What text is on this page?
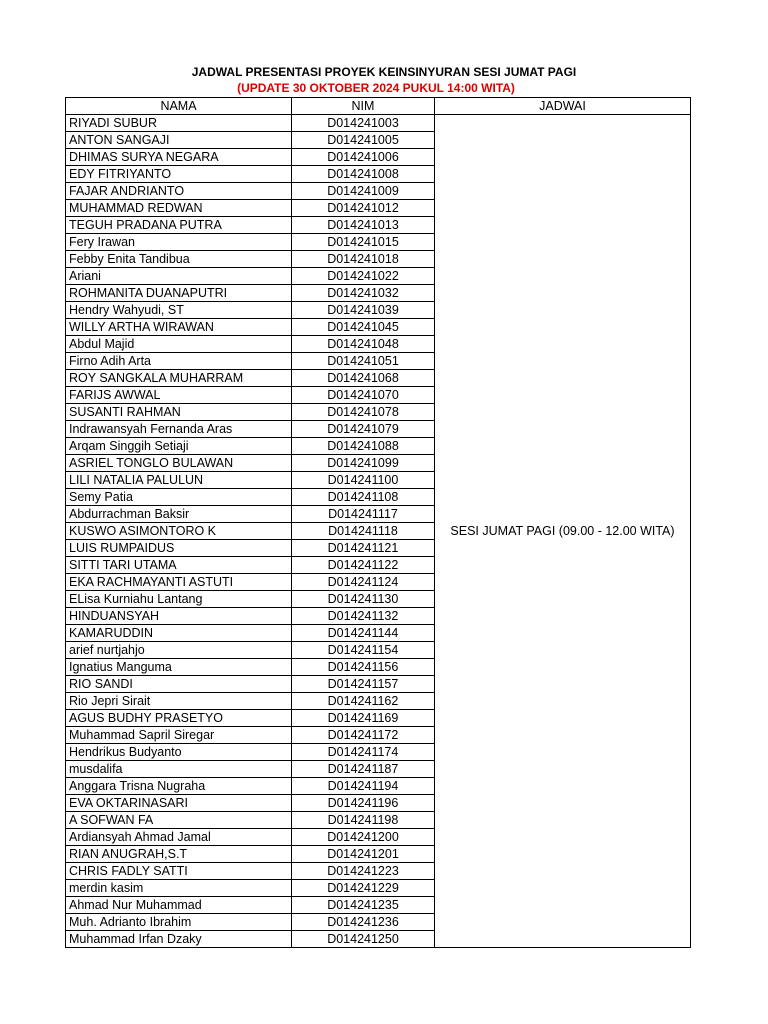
JADWAL PRESENTASI PROYEK KEINSINYURAN SESI JUMAT PAGI
(UPDATE 30 OKTOBER 2024 PUKUL 14:00 WITA)
NAMA	NIM	JADWAI
RIYADI SUBUR	D014241003	SESI JUMAT PAGI (09.00 - 12.00 WITA)
ANTON SANGAJI	D014241005	
DHIMAS SURYA NEGARA	D014241006	
EDY FITRIYANTO	D014241008	
FAJAR ANDRIANTO	D014241009	
MUHAMMAD REDWAN	D014241012	
TEGUH PRADANA PUTRA	D014241013	
Fery Irawan	D014241015	
Febby Enita Tandibua	D014241018	
Ariani	D014241022	
ROHMANITA DUANAPUTRI	D014241032	
Hendry Wahyudi, ST	D014241039	
WILLY ARTHA WIRAWAN	D014241045	
Abdul Majid	D014241048	
Firno Adih Arta	D014241051	
ROY SANGKALA MUHARRAM	D014241068	
FARIJS AWWAL	D014241070	
SUSANTI RAHMAN	D014241078	
Indrawansyah Fernanda Aras	D014241079	
Arqam Singgih Setiaji	D014241088	
ASRIEL TONGLO BULAWAN	D014241099	
LILI NATALIA PALULUN	D014241100	
Semy Patia	D014241108	
Abdurrachman Baksir	D014241117	
KUSWO ASIMONTORO K	D014241118	
LUIS RUMPAIDUS	D014241121	
SITTI TARI UTAMA	D014241122	
EKA RACHMAYANTI ASTUTI	D014241124	
ELisa Kurniahu Lantang	D014241130	
HINDUANSYAH	D014241132	
KAMARUDDIN	D014241144	
arief nurtjahjo	D014241154	
Ignatius Manguma	D014241156	
RIO SANDI	D014241157	
Rio Jepri Sirait	D014241162	
AGUS BUDHY PRASETYO	D014241169	
Muhammad Sapril Siregar	D014241172	
Hendrikus Budyanto	D014241174	
musdalifa	D014241187	
Anggara Trisna Nugraha	D014241194	
EVA OKTARINASARI	D014241196	
A SOFWAN FA	D014241198	
Ardiansyah Ahmad Jamal	D014241200	
RIAN ANUGRAH,S.T	D014241201	
CHRIS FADLY SATTI	D014241223	
merdin kasim	D014241229	
Ahmad Nur Muhammad	D014241235	
Muh. Adrianto Ibrahim	D014241236	
Muhammad Irfan Dzaky	D014241250	
